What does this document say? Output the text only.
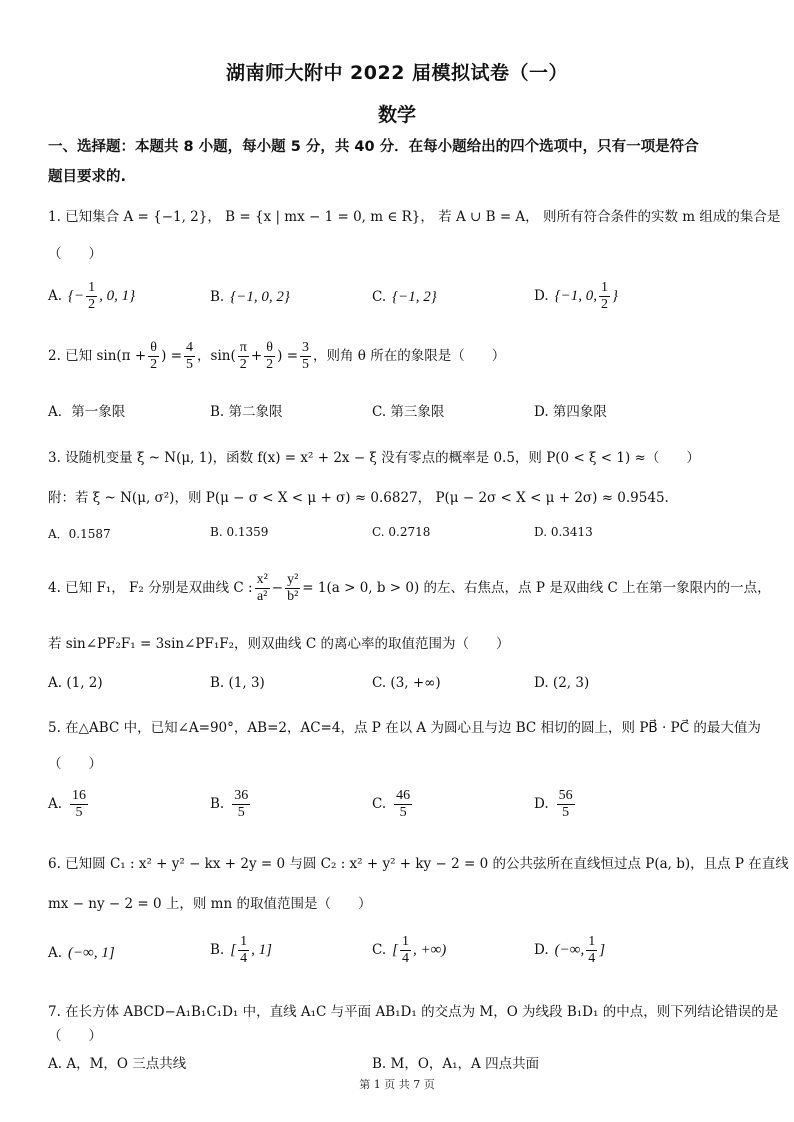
湖南师大附中 2022 届模拟试卷（一）
数学
一、选择题：本题共 8 小题，每小题 5 分，共 40 分．在每小题给出的四个选项中，只有一项是符合
题目要求的.
1. 已知集合 A = {−1, 2}， B = {x | mx − 1 = 0, m ∈ R}， 若 A ∪ B = A， 则所有符合条件的实数 m 组成的集合是
（　　）
A. {− $\frac{1}{2}$ , 0, 1}	B. {−1, 0, 2}	C. {−1, 2}	D. {−1, 0, $\frac{1}{2}$ }
2. 已知 $\sin(\pi + \frac{\theta}{2}$ ) = $\frac{4}{5}$ ，$\sin( \frac{\pi}{2} + \frac{\theta}{2}$ ) = $\frac{3}{5}$ ，则角 θ 所在的象限是（　　）
A．第一象限	B. 第二象限	C. 第三象限	D. 第四象限
3. 设随机变量 ξ ~ N(μ, 1)，函数 f(x) = x² + 2x − ξ 没有零点的概率是 0.5，则 P(0 < ξ < 1) ≈（　　）
附：若 ξ ~ N(μ, σ²)，则 P(μ − σ < X < μ + σ) ≈ 0.6827， P(μ − 2σ < X < μ + 2σ) ≈ 0.9545.
A．0.1587	B. 0.1359	C. 0.2718	D. 0.3413
4. 已知 F₁， F₂ 分别是双曲线 C : $\frac{\text{x²}}{\text{a²}} - \frac{\text{y²}}{\text{b²}} = 1(a > 0$, b > 0) 的左、右焦点，点 P 是双曲线 C 上在第一象限内的一点，
若 sin∠PF₂F₁ = 3sin∠PF₁F₂，则双曲线 C 的离心率的取值范围为（　　）
A. (1, 2)	B. (1, 3)	C. (3, +∞)	D. (2, 3)
5. 在△ABC 中，已知∠A=90°，AB=2，AC=4，点 P 在以 A 为圆心且与边 BC 相切的圆上，则 PB⃗ · PC⃗ 的最大值为
（　　）
A. $\frac{16}{5}$	B. $\frac{36}{5}$	C. $\frac{46}{5}$	D. $\frac{56}{5}$
6. 已知圆 C₁ : x² + y² − kx + 2y = 0 与圆 C₂ : x² + y² + ky − 2 = 0 的公共弦所在直线恒过点 P(a, b)，且点 P 在直线
mx − ny − 2 = 0 上，则 mn 的取值范围是（　　）
A. (−∞, 1]	B. [ $\frac{1}{4}$ , 1]	C. [ $\frac{1}{4}$ , +∞)	D. (−∞, $\frac{1}{4}$ ]
7. 在长方体 ABCD−A₁B₁C₁D₁ 中，直线 A₁C 与平面 AB₁D₁ 的交点为 M，O 为线段 B₁D₁ 的中点，则下列结论错误的是
（　　）
A. A，M，O 三点共线	B. M，O，A₁，A 四点共面
第 1 页 共 7 页
